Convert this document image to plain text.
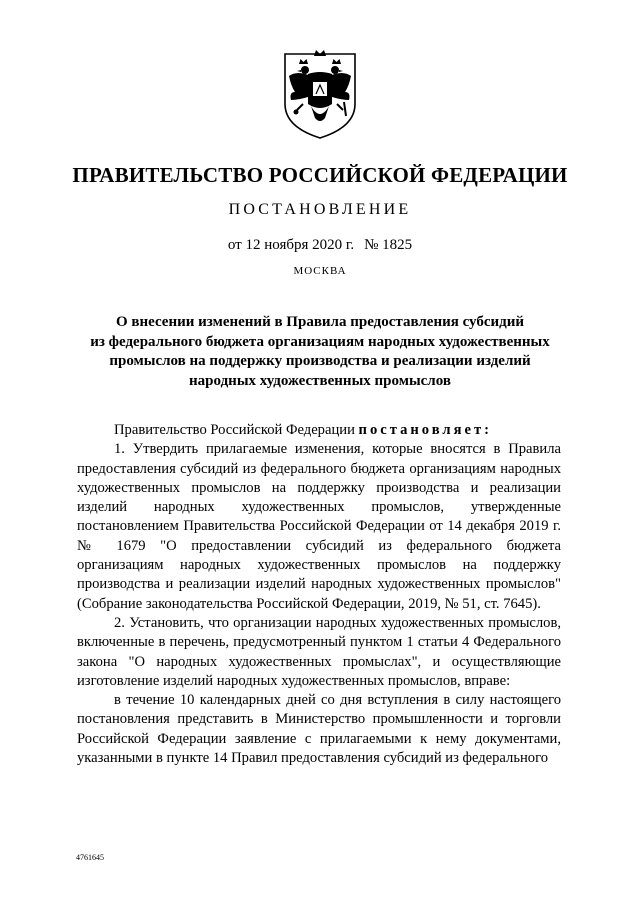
ПРАВИТЕЛЬСТВО РОССИЙСКОЙ ФЕДЕРАЦИИ
ПОСТАНОВЛЕНИЕ
от 12 ноября 2020 г. № 1825
МОСКВА
О внесении изменений в Правила предоставления субсидий
из федерального бюджета организациям народных художественных
промыслов на поддержку производства и реализации изделий
народных художественных промыслов

Правительство Российской Федерации постановляет:

1. Утвердить прилагаемые изменения, которые вносятся в Правила предоставления субсидий из федерального бюджета организациям народных художественных промыслов на поддержку производства и реализации изделий народных художественных промыслов, утвержденные постановлением Правительства Российской Федерации от 14 декабря 2019 г. № 1679 "О предоставлении субсидий из федерального бюджета организациям народных художественных промыслов на поддержку производства и реализации изделий народных художественных промыслов" (Собрание законодательства Российской Федерации, 2019, № 51, ст. 7645).

2. Установить, что организации народных художественных промыслов, включенные в перечень, предусмотренный пунктом 1 статьи 4 Федерального закона "О народных художественных промыслах", и осуществляющие изготовление изделий народных художественных промыслов, вправе:

в течение 10 календарных дней со дня вступления в силу настоящего постановления представить в Министерство промышленности и торговли Российской Федерации заявление с прилагаемыми к нему документами, указанными в пункте 14 Правил предоставления субсидий из федерального

4761645
